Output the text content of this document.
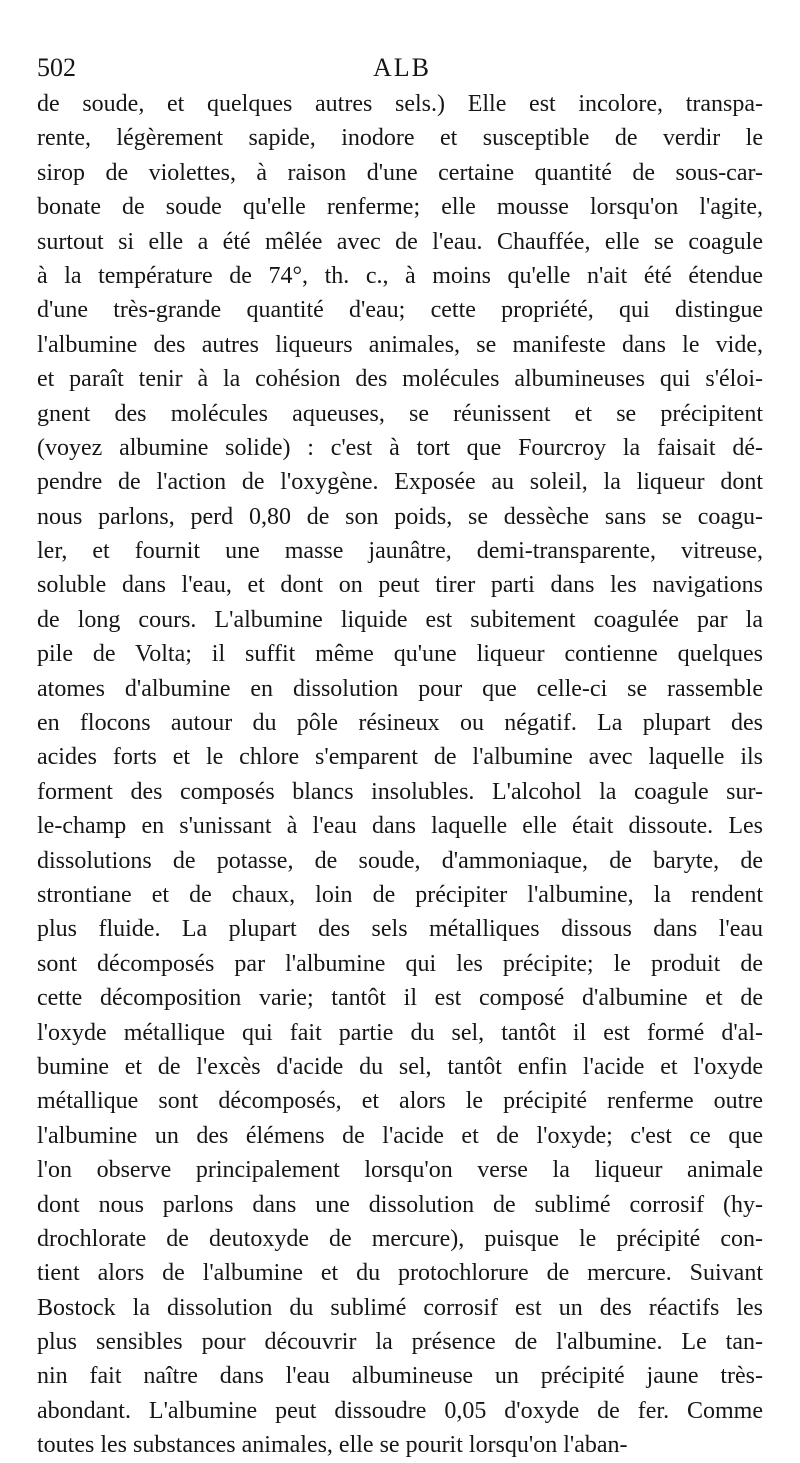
502	ALB
de soude, et quelques autres sels.) Elle est incolore, transpa-
rente, légèrement sapide, inodore et susceptible de verdir le
sirop de violettes, à raison d'une certaine quantité de sous-car-
bonate de soude qu'elle renferme; elle mousse lorsqu'on l'agite,
surtout si elle a été mêlée avec de l'eau. Chauffée, elle se coagule
à la température de 74°, th. c., à moins qu'elle n'ait été étendue
d'une très-grande quantité d'eau; cette propriété, qui distingue
l'albumine des autres liqueurs animales, se manifeste dans le vide,
et paraît tenir à la cohésion des molécules albumineuses qui s'éloi-
gnent des molécules aqueuses, se réunissent et se précipitent
(voyez albumine solide) : c'est à tort que Fourcroy la faisait dé-
pendre de l'action de l'oxygène. Exposée au soleil, la liqueur dont
nous parlons, perd 0,80 de son poids, se dessèche sans se coagu-
ler, et fournit une masse jaunâtre, demi-transparente, vitreuse,
soluble dans l'eau, et dont on peut tirer parti dans les navigations
de long cours. L'albumine liquide est subitement coagulée par la
pile de Volta; il suffit même qu'une liqueur contienne quelques
atomes d'albumine en dissolution pour que celle-ci se rassemble
en flocons autour du pôle résineux ou négatif. La plupart des
acides forts et le chlore s'emparent de l'albumine avec laquelle ils
forment des composés blancs insolubles. L'alcohol la coagule sur-
le-champ en s'unissant à l'eau dans laquelle elle était dissoute. Les
dissolutions de potasse, de soude, d'ammoniaque, de baryte, de
strontiane et de chaux, loin de précipiter l'albumine, la rendent
plus fluide. La plupart des sels métalliques dissous dans l'eau
sont décomposés par l'albumine qui les précipite; le produit de
cette décomposition varie; tantôt il est composé d'albumine et de
l'oxyde métallique qui fait partie du sel, tantôt il est formé d'al-
bumine et de l'excès d'acide du sel, tantôt enfin l'acide et l'oxyde
métallique sont décomposés, et alors le précipité renferme outre
l'albumine un des élémens de l'acide et de l'oxyde; c'est ce que
l'on observe principalement lorsqu'on verse la liqueur animale
dont nous parlons dans une dissolution de sublimé corrosif (hy-
drochlorate de deutoxyde de mercure), puisque le précipité con-
tient alors de l'albumine et du protochlorure de mercure. Suivant
Bostock la dissolution du sublimé corrosif est un des réactifs les
plus sensibles pour découvrir la présence de l'albumine. Le tan-
nin fait naître dans l'eau albumineuse un précipité jaune très-
abondant. L'albumine peut dissoudre 0,05 d'oxyde de fer. Comme
toutes les substances animales, elle se pourit lorsqu'on l'aban-
